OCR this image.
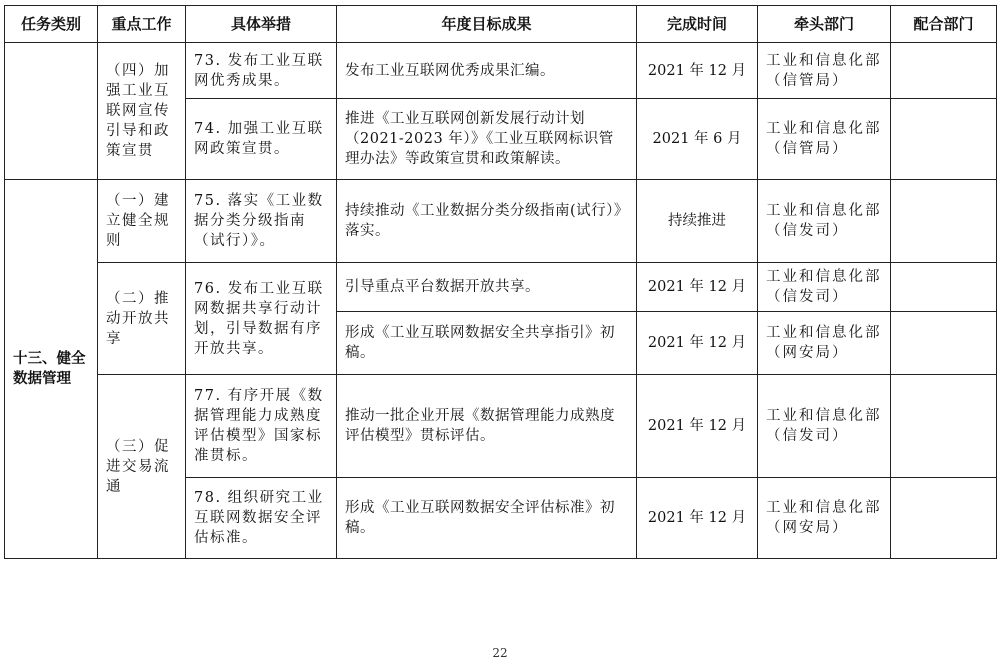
任务类别	重点工作	具体举措	年度目标成果	完成时间	牵头部门	配合部门
	（四）加强工业互联网宣传引导和政策宣贯	73. 发布工业互联网优秀成果。	发布工业互联网优秀成果汇编。	2021 年 12 月	工业和信息化部（信管局）	
		74. 加强工业互联网政策宣贯。	推进《工业互联网创新发展行动计划（2021-2023 年）》《工业互联网标识管理办法》等政策宣贯和政策解读。	2021 年 6 月	工业和信息化部（信管局）	
十三、健全数据管理	（一）建立健全规则	75. 落实《工业数据分类分级指南（试行）》。	持续推动《工业数据分类分级指南(试行）》落实。	持续推进	工业和信息化部（信发司）	
	（二）推动开放共享	76. 发布工业互联网数据共享行动计划，引导数据有序开放共享。	引导重点平台数据开放共享。	2021 年 12 月	工业和信息化部（信发司）	
			形成《工业互联网数据安全共享指引》初稿。	2021 年 12 月	工业和信息化部（网安局）	
	（三）促进交易流通	77. 有序开展《数据管理能力成熟度评估模型》国家标准贯标。	推动一批企业开展《数据管理能力成熟度评估模型》贯标评估。	2021 年 12 月	工业和信息化部（信发司）	
		78. 组织研究工业互联网数据安全评估标准。	形成《工业互联网数据安全评估标准》初稿。	2021 年 12 月	工业和信息化部（网安局）	
22
